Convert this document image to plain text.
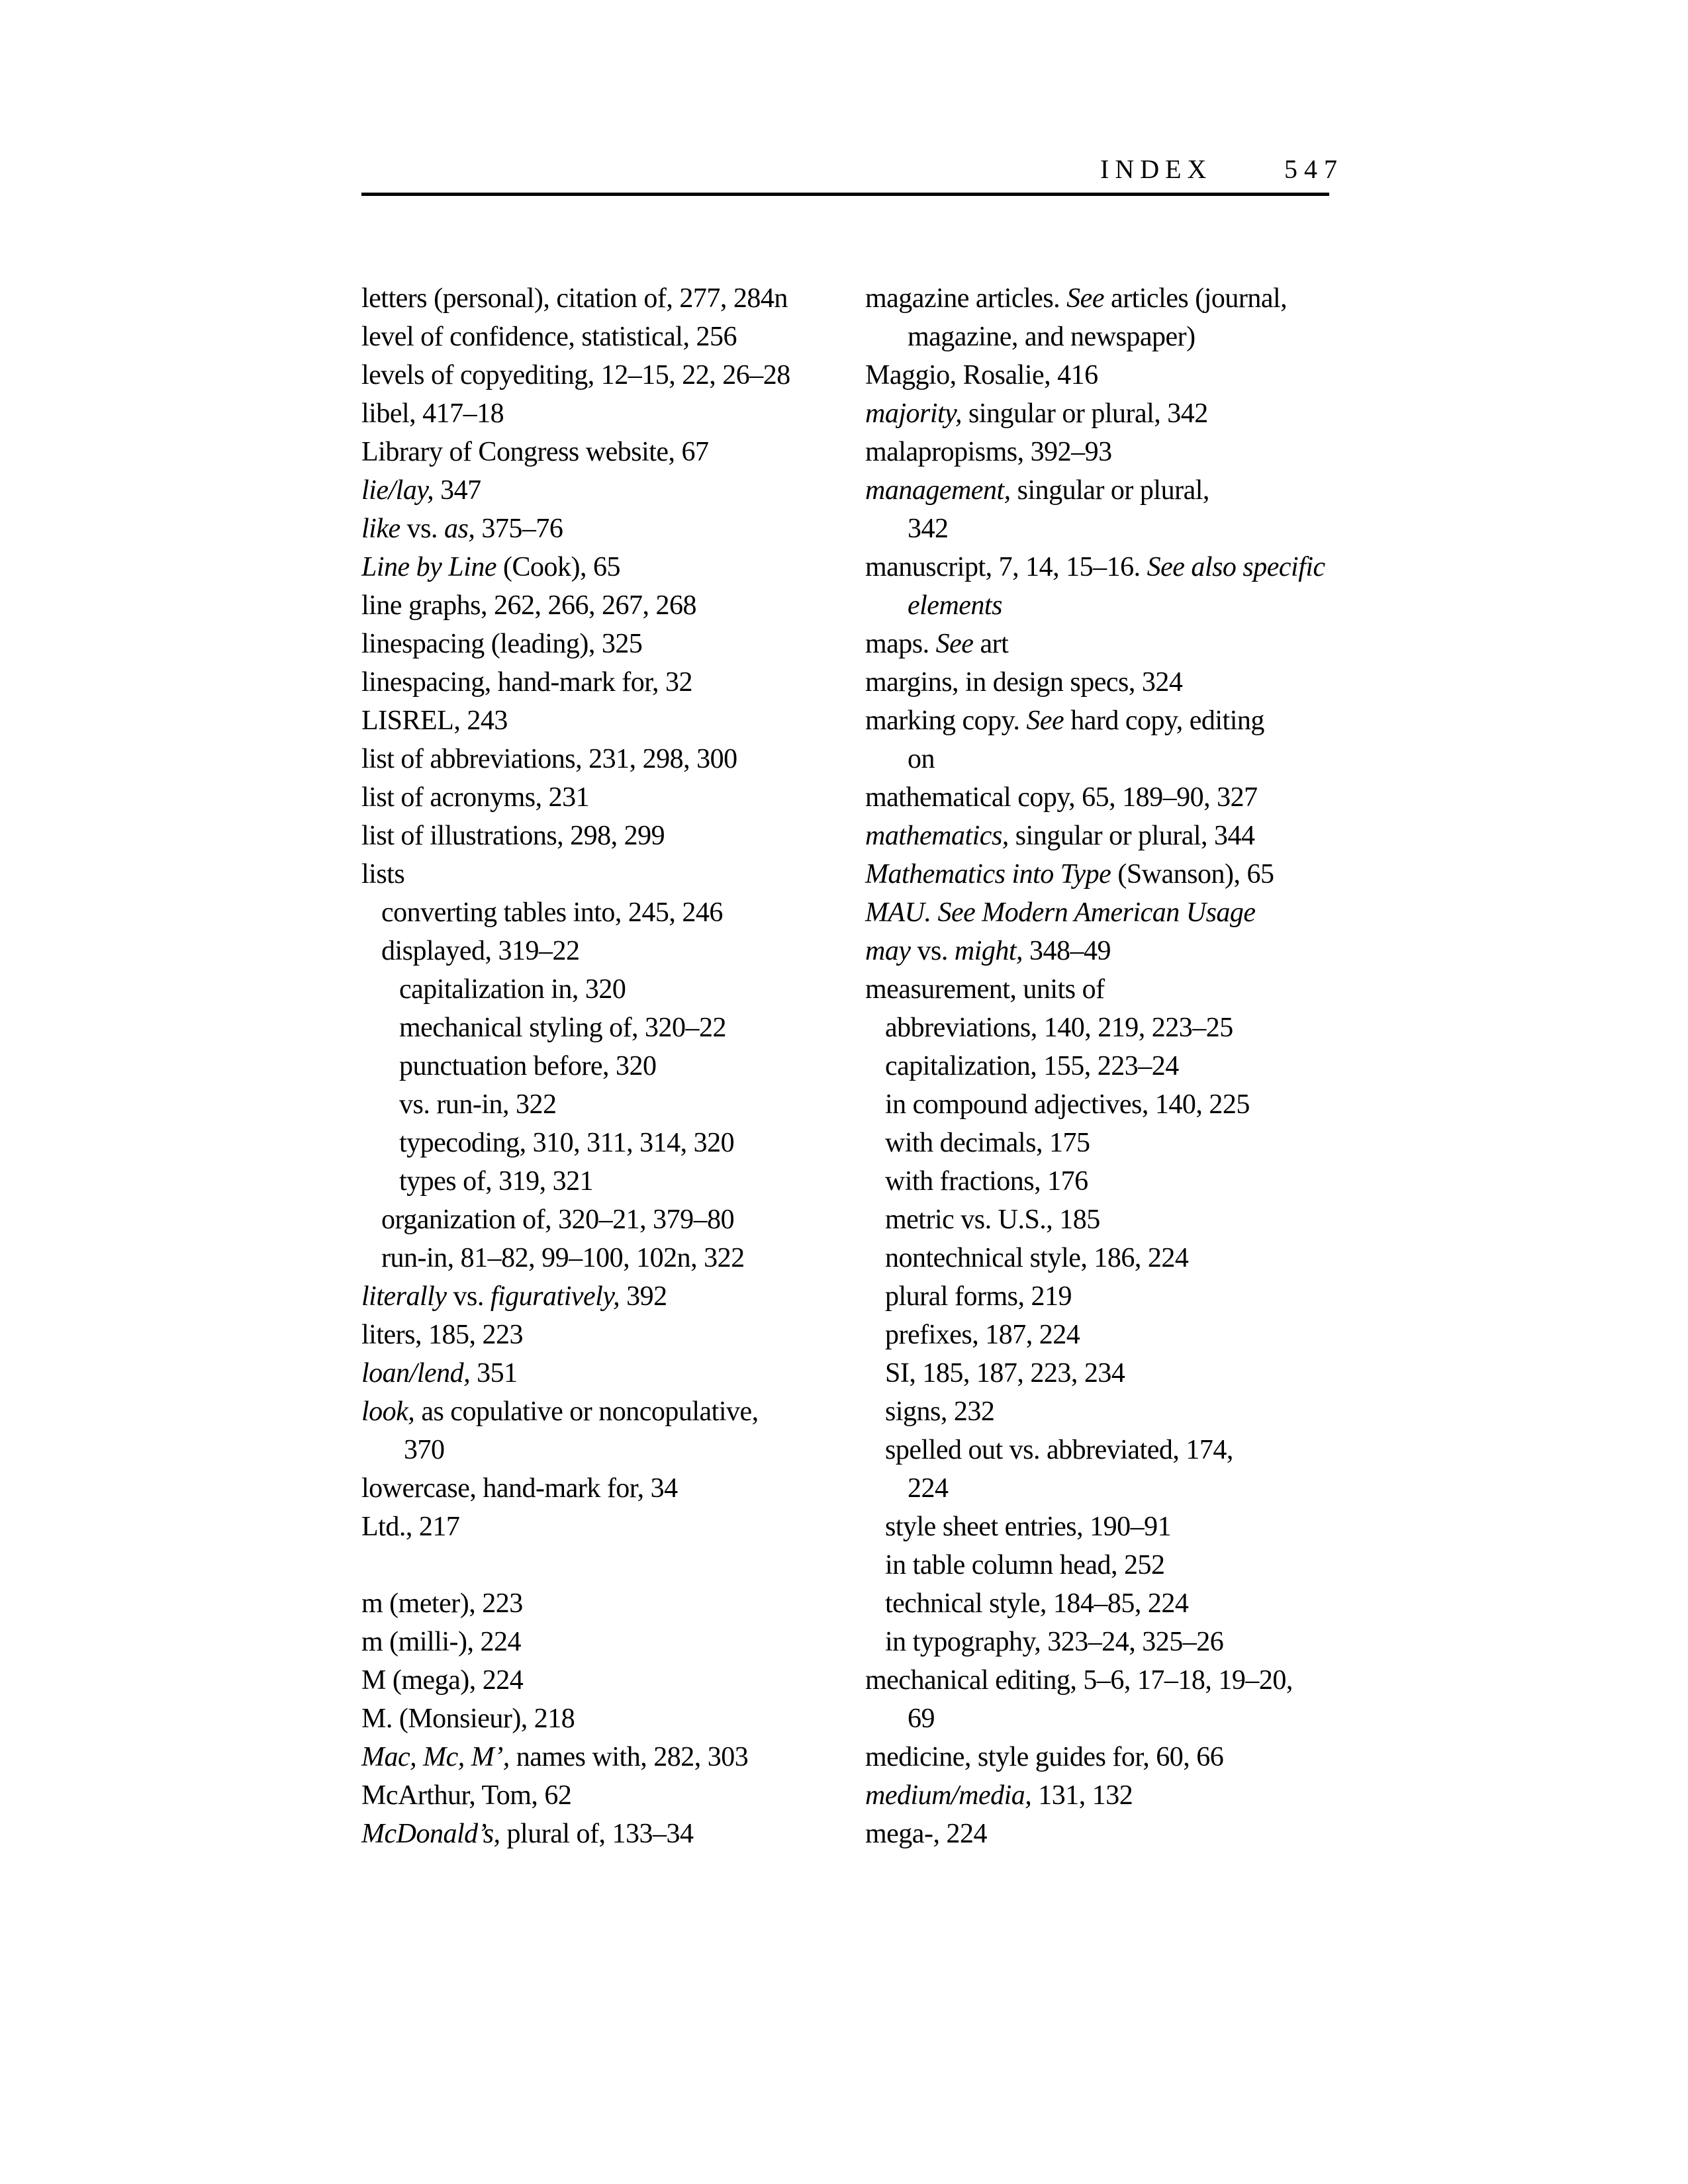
INDEX	547
letters (personal), citation of, 277, 284n
level of confidence, statistical, 256
levels of copyediting, 12–15, 22, 26–28
libel, 417–18
Library of Congress website, 67
lie/lay, 347
like vs. as, 375–76
Line by Line (Cook), 65
line graphs, 262, 266, 267, 268
linespacing (leading), 325
linespacing, hand-mark for, 32
LISREL, 243
list of abbreviations, 231, 298, 300
list of acronyms, 231
list of illustrations, 298, 299
lists
converting tables into, 245, 246
displayed, 319–22
capitalization in, 320
mechanical styling of, 320–22
punctuation before, 320
vs. run-in, 322
typecoding, 310, 311, 314, 320
types of, 319, 321
organization of, 320–21, 379–80
run-in, 81–82, 99–100, 102n, 322
literally vs. figuratively, 392
liters, 185, 223
loan/lend, 351
look, as copulative or noncopulative,
370
lowercase, hand-mark for, 34
Ltd., 217
m (meter), 223
m (milli-), 224
M (mega), 224
M. (Monsieur), 218
Mac, Mc, M’, names with, 282, 303
McArthur, Tom, 62
McDonald’s, plural of, 133–34
magazine articles. See articles (journal,
magazine, and newspaper)
Maggio, Rosalie, 416
majority, singular or plural, 342
malapropisms, 392–93
management, singular or plural,
342
manuscript, 7, 14, 15–16. See also specific
elements
maps. See art
margins, in design specs, 324
marking copy. See hard copy, editing
on
mathematical copy, 65, 189–90, 327
mathematics, singular or plural, 344
Mathematics into Type (Swanson), 65
MAU. See Modern American Usage
may vs. might, 348–49
measurement, units of
abbreviations, 140, 219, 223–25
capitalization, 155, 223–24
in compound adjectives, 140, 225
with decimals, 175
with fractions, 176
metric vs. U.S., 185
nontechnical style, 186, 224
plural forms, 219
prefixes, 187, 224
SI, 185, 187, 223, 234
signs, 232
spelled out vs. abbreviated, 174,
224
style sheet entries, 190–91
in table column head, 252
technical style, 184–85, 224
in typography, 323–24, 325–26
mechanical editing, 5–6, 17–18, 19–20,
69
medicine, style guides for, 60, 66
medium/media, 131, 132
mega-, 224
